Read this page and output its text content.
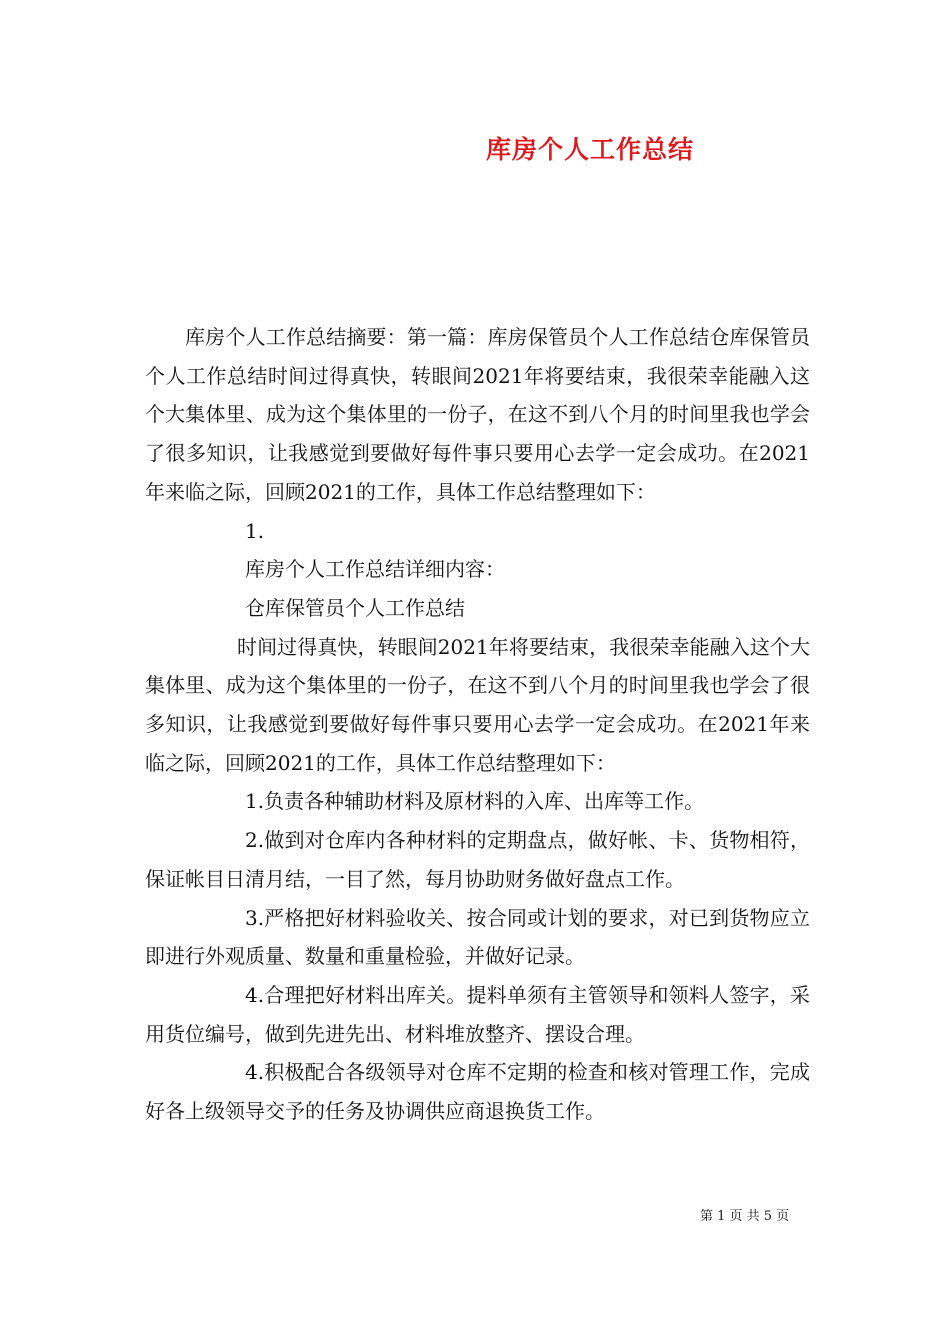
库房个人工作总结

库房个人工作总结摘要：第一篇：库房保管员个人工作总结仓库保管员个人工作总结时间过得真快，转眼间2021年将要结束，我很荣幸能融入这个大集体里、成为这个集体里的一份子，在这不到八个月的时间里我也学会了很多知识，让我感觉到要做好每件事只要用心去学一定会成功。在2021年来临之际，回顾2021的工作，具体工作总结整理如下：

1.

库房个人工作总结详细内容：

仓库保管员个人工作总结

时间过得真快，转眼间2021年将要结束，我很荣幸能融入这个大集体里、成为这个集体里的一份子，在这不到八个月的时间里我也学会了很多知识，让我感觉到要做好每件事只要用心去学一定会成功。在2021年来临之际，回顾2021的工作，具体工作总结整理如下：

1.负责各种辅助材料及原材料的入库、出库等工作。

2.做到对仓库内各种材料的定期盘点，做好帐、卡、货物相符，保证帐目日清月结，一目了然，每月协助财务做好盘点工作。

3.严格把好材料验收关、按合同或计划的要求，对已到货物应立即进行外观质量、数量和重量检验，并做好记录。

4.合理把好材料出库关。提料单须有主管领导和领料人签字，采用货位编号，做到先进先出、材料堆放整齐、摆设合理。

4.积极配合各级领导对仓库不定期的检查和核对管理工作，完成好各上级领导交予的任务及协调供应商退换货工作。

第 1 页 共 5 页
